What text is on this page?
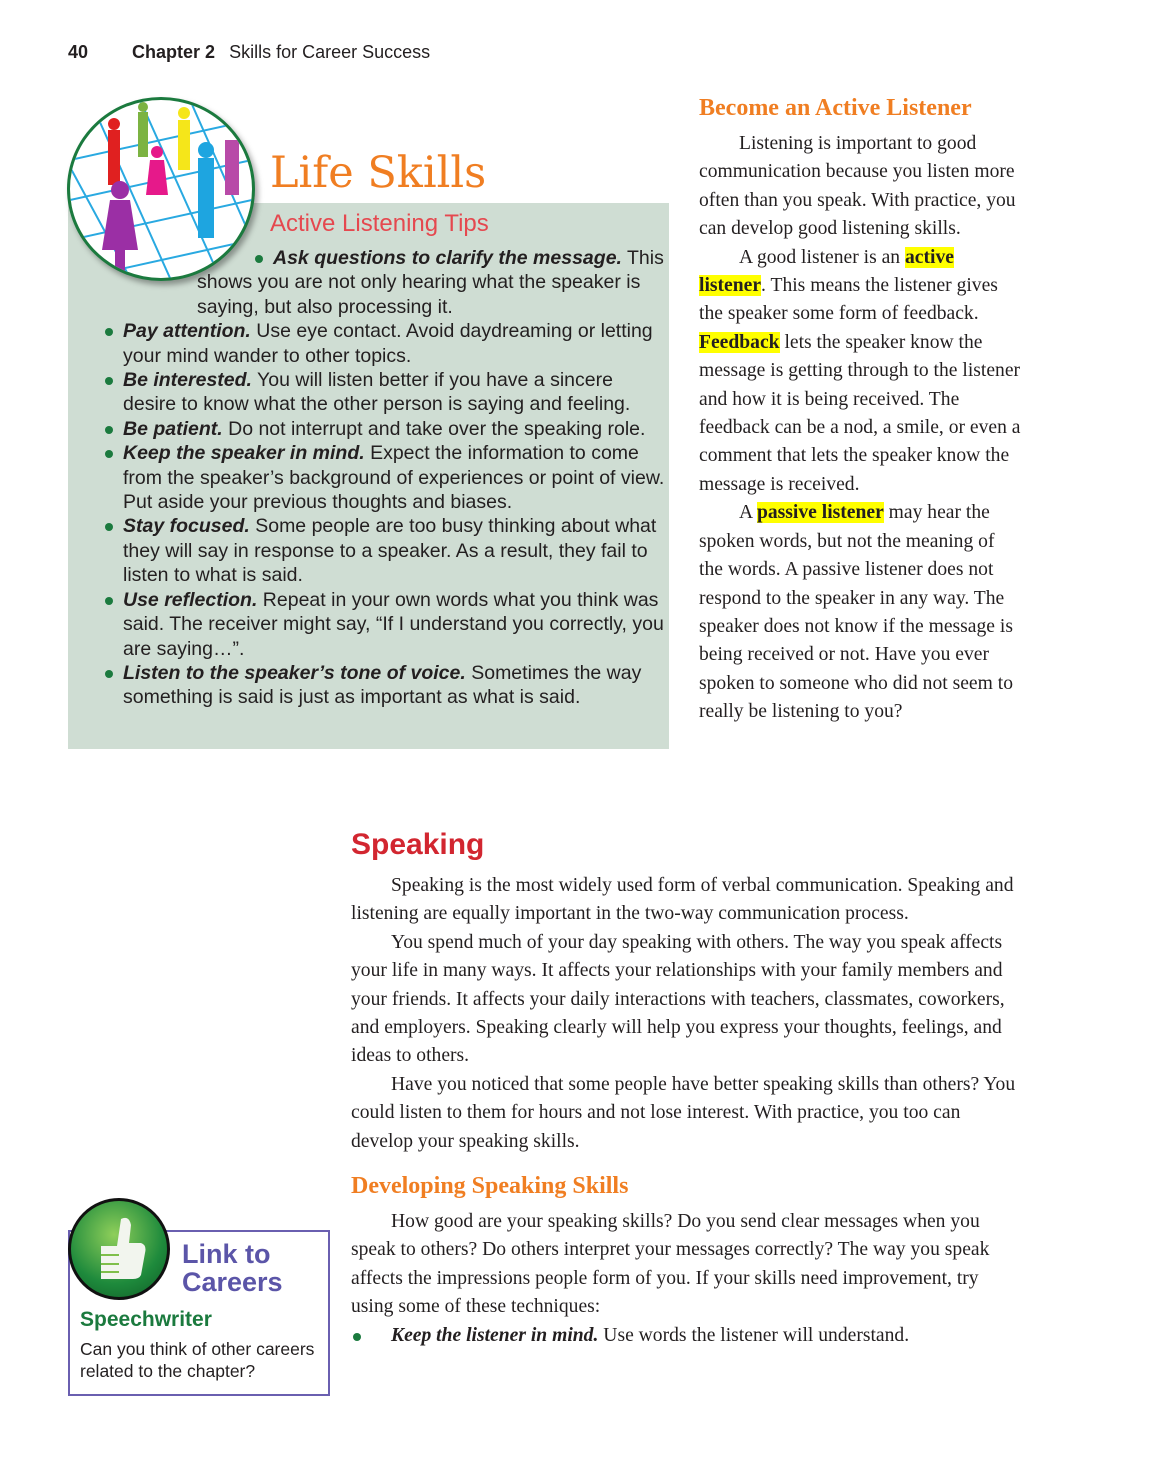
40 Chapter 2 Skills for Career Success
Life Skills
Active Listening Tips
Ask questions to clarify the message. This shows you are not only hearing what the speaker is saying, but also processing it.
Pay attention. Use eye contact. Avoid daydreaming or letting your mind wander to other topics.
Be interested. You will listen better if you have a sincere desire to know what the other person is saying and feeling.
Be patient. Do not interrupt and take over the speaking role.
Keep the speaker in mind. Expect the information to come from the speaker’s background of experiences or point of view. Put aside your previous thoughts and biases.
Stay focused. Some people are too busy thinking about what they will say in response to a speaker. As a result, they fail to listen to what is said.
Use reflection. Repeat in your own words what you think was said. The receiver might say, “If I understand you correctly, you are saying…”.
Listen to the speaker’s tone of voice. Sometimes the way something is said is just as important as what is said.
Become an Active Listener

Listening is important to good communication because you listen more often than you speak. With practice, you can develop good listening skills.

A good listener is an active listener. This means the listener gives the speaker some form of feedback. Feedback lets the speaker know the message is getting through to the listener and how it is being received. The feedback can be a nod, a smile, or even a comment that lets the speaker know the message is received.

A passive listener may hear the spoken words, but not the meaning of the words. A passive listener does not respond to the speaker in any way. The speaker does not know if the message is being received or not. Have you ever spoken to someone who did not seem to really be listening to you?

Speaking

Speaking is the most widely used form of verbal communication. Speaking and listening are equally important in the two-way communication process.

You spend much of your day speaking with others. The way you speak affects your life in many ways. It affects your relationships with your family members and your friends. It affects your daily interactions with teachers, classmates, coworkers, and employers. Speaking clearly will help you express your thoughts, feelings, and ideas to others.

Have you noticed that some people have better speaking skills than others? You could listen to them for hours and not lose interest. With practice, you too can develop your speaking skills.

Developing Speaking Skills

How good are your speaking skills? Do you send clear messages when you speak to others? Do others interpret your messages correctly? The way you speak affects the impressions people form of you. If your skills need improvement, try using some of these techniques:

Keep the listener in mind. Use words the listener will understand.
Link to
Careers
Speechwriter
Can you think of other careers related to the chapter?
